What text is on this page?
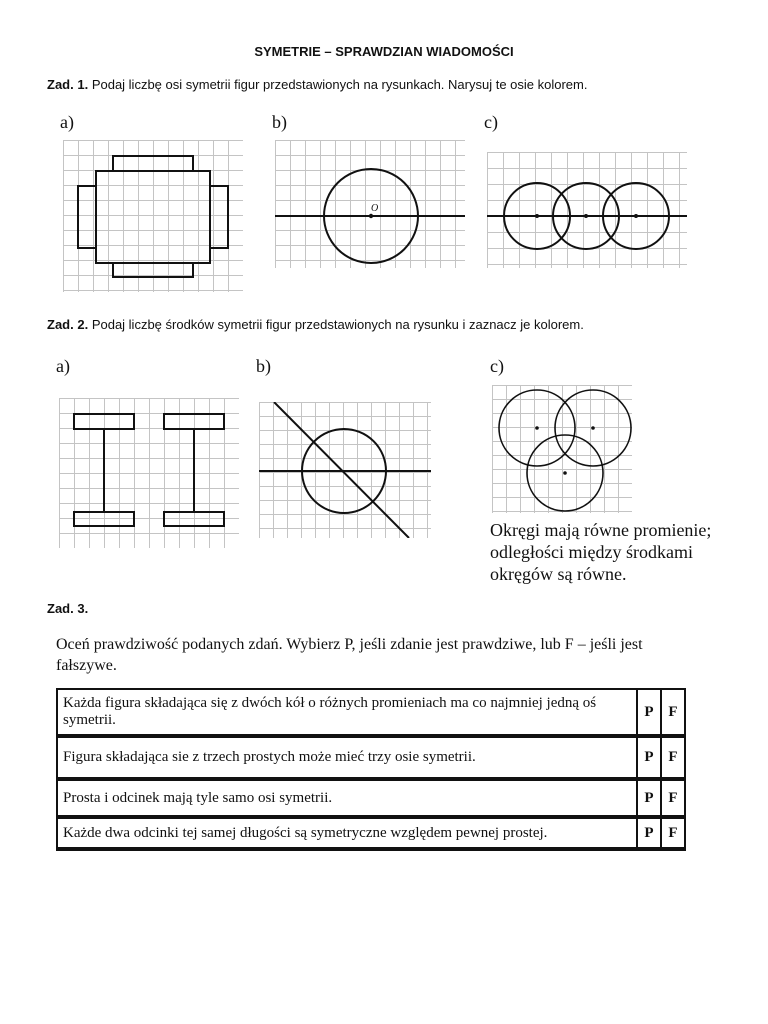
SYMETRIE – SPRAWDZIAN WIADOMOŚCI
Zad. 1. Podaj liczbę osi symetrii figur przedstawionych na rysunkach. Narysuj te osie kolorem.
a)	b)	c)
O
Zad. 2. Podaj liczbę środków symetrii figur przedstawionych na rysunku i zaznacz je kolorem.
a)	b)	c)
Okręgi mają równe promienie;
odległości między środkami
okręgów są równe.
Zad. 3.
Oceń prawdziwość podanych zdań. Wybierz P, jeśli zdanie jest prawdziwe, lub F – jeśli jest fałszywe.
Każda figura składająca się z dwóch kół o różnych promieniach ma co najmniej jedną oś symetrii.	P	F
Figura składająca sie z trzech prostych może mieć trzy osie symetrii.	P	F
Prosta i odcinek mają tyle samo osi symetrii.	P	F
Każde dwa odcinki tej samej długości są symetryczne względem pewnej prostej.	P	F
